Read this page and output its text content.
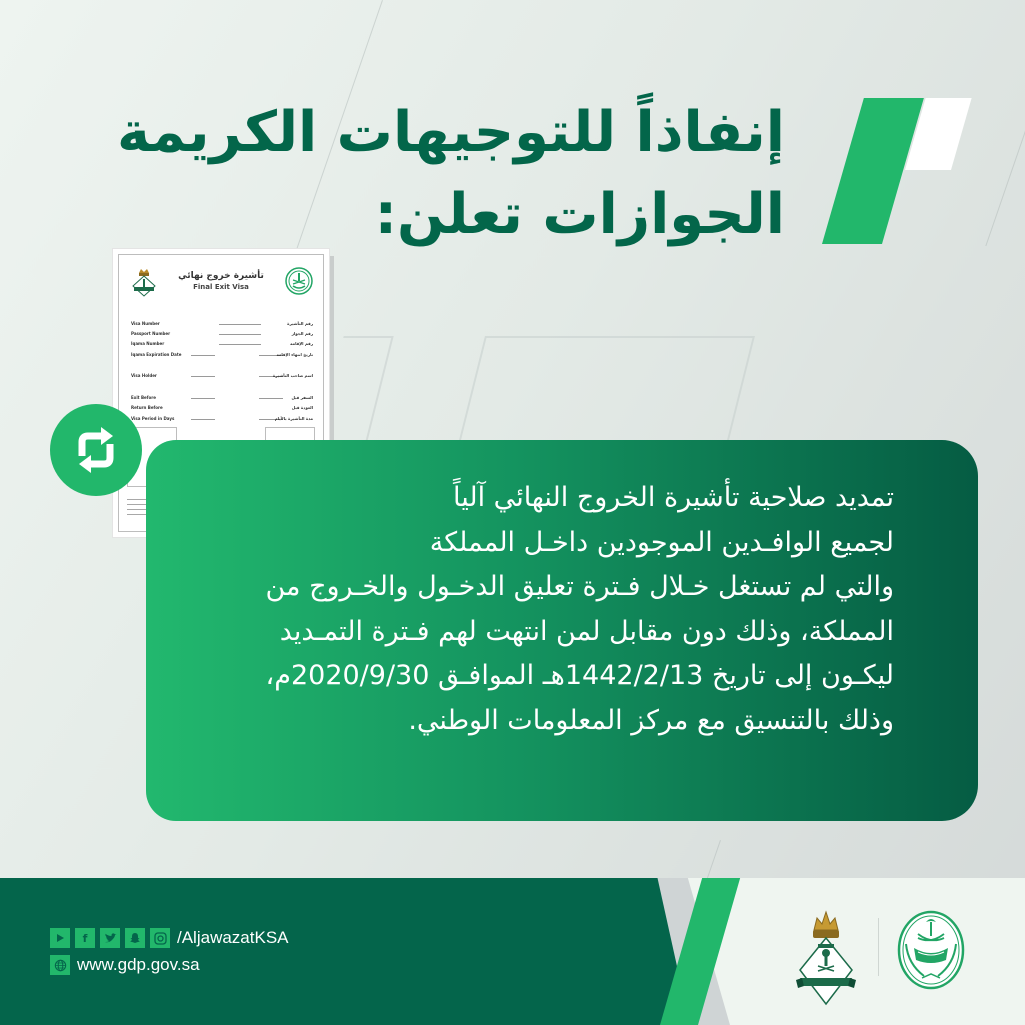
إنفاذاً للتوجيهات الكريمة
الجوازات تعلن:
تأشيرة خروج نهائي
Final Exit Visa
Visa Number	رقم التأشيرة
Passport Number	رقم الجواز
Iqama Number	رقم الإقامة
Iqama Expiration Date	تاريخ انتهاء الإقامة
Visa Holder	اسم صاحب التأشيرة
Exit Before	السفر قبل
Return Before	العودة قبل
Visa Period in Days	مدة التأشيرة بالأيام
تمديد صلاحية تأشيرة الخروج النهائي آلياً
لجميع الوافـدين الموجودين داخـل المملكة
والتي لم تستغل خـلال فـترة تعليق الدخـول والخـروج من
المملكة، وذلك دون مقابل لمن انتهت لهم فـترة التمـديد
ليكـون إلى تاريخ 1442/2/13هـ الموافـق 2020/9/30م،
وذلك بالتنسيق مع مركز المعلومات الوطني.
f	/AljawazatKSA
www.gdp.gov.sa
